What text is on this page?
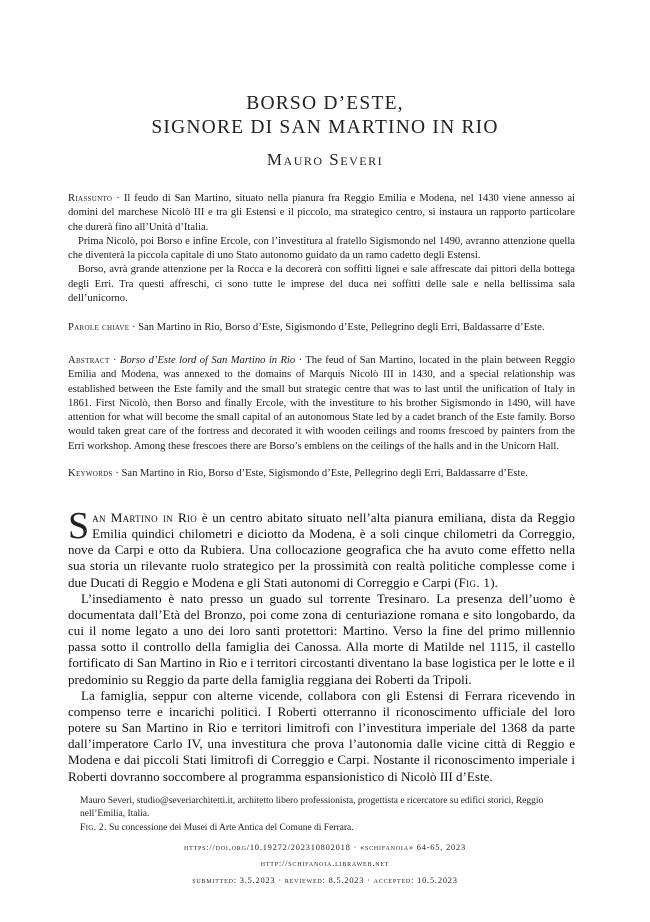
BORSO D’ESTE,
SIGNORE DI SAN MARTINO IN RIO
Mauro Severi

Riassunto · Il feudo di San Martino, situato nella pianura fra Reggio Emilia e Modena, nel 1430 viene annesso ai domini del marchese Nicolò III e tra gli Estensi e il piccolo, ma strategico centro, si instaura un rapporto particolare che durerà fino all’Unità d’Italia.

Prima Nicolò, poi Borso e infine Ercole, con l’investitura al fratello Sigismondo nel 1490, avranno attenzione quella che diventerà la piccola capitale di uno Stato autonomo guidato da un ramo cadetto degli Estensi.

Borso, avrà grande attenzione per la Rocca e la decorerà con soffitti lignei e sale affrescate dai pittori della bottega degli Erri. Tra questi affreschi, ci sono tutte le imprese del duca nei soffitti delle sale e nella bellissima sala dell’unicorno.

Parole chiave · San Martino in Rio, Borso d’Este, Sigismondo d’Este, Pellegrino degli Erri, Baldassarre d’Este.

Abstract · Borso d’Este lord of San Martino in Rio · The feud of San Martino, located in the plain between Reggio Emilia and Modena, was annexed to the domains of Marquis Nicolò III in 1430, and a special relationship was established between the Este family and the small but strategic centre that was to last until the unification of Italy in 1861. First Nicolò, then Borso and finally Ercole, with the investiture to his brother Sigismondo in 1490, will have attention for what will become the small capital of an autonomous State led by a cadet branch of the Este family. Borso would taken great care of the fortress and decorated it with wooden ceilings and rooms frescoed by painters from the Erri workshop. Among these frescoes there are Borso’s emblens on the ceilings of the halls and in the Unicorn Hall.

Keywords · San Martino in Rio, Borso d’Este, Sigismondo d’Este, Pellegrino degli Erri, Baldassarre d’Este.

San Martino in Rio è un centro abitato situato nell’alta pianura emiliana, dista da Reggio Emilia quindici chilometri e diciotto da Modena, è a soli cinque chilometri da Correggio, nove da Carpi e otto da Rubiera. Una collocazione geografica che ha avuto come effetto nella sua storia un rilevante ruolo strategico per la prossimità con realtà politiche complesse come i due Ducati di Reggio e Modena e gli Stati autonomi di Correggio e Carpi (Fig. 1).

L’insediamento è nato presso un guado sul torrente Tresinaro. La presenza dell’uomo è documentata dall’Età del Bronzo, poi come zona di centuriazione romana e sito longobardo, da cui il nome legato a uno dei loro santi protettori: Martino. Verso la fine del primo millennio passa sotto il controllo della famiglia dei Canossa. Alla morte di Matilde nel 1115, il castello fortificato di San Martino in Rio e i territori circostanti diventano la base logistica per le lotte e il predominio su Reggio da parte della famiglia reggiana dei Roberti da Tripoli.

La famiglia, seppur con alterne vicende, collabora con gli Estensi di Ferrara ricevendo in compenso terre e incarichi politici. I Roberti otterranno il riconoscimento ufficiale del loro potere su San Martino in Rio e territori limitrofi con l’investitura imperiale del 1368 da parte dall’imperatore Carlo IV, una investitura che prova l’autonomia dalle vicine città di Reggio e Modena e dai piccoli Stati limitrofi di Correggio e Carpi. Nostante il riconoscimento imperiale i Roberti dovranno soccombere al programma espansionistico di Nicolò III d’Este.

Mauro Severi, studio@severiarchitetti.it, architetto libero professionista, progettista e ricercatore su edifici storici, Reggio nell’Emilia, Italia.
Fig. 2. Su concessione dei Musei di Arte Antica del Comune di Ferrara.
https://doi.org/10.19272/202310802018 · «schifanoia» 64-65, 2023
http://schifanoia.libraweb.net
submitted: 3.5.2023 · reviewed: 8.5.2023 · accepted: 10.5.2023
